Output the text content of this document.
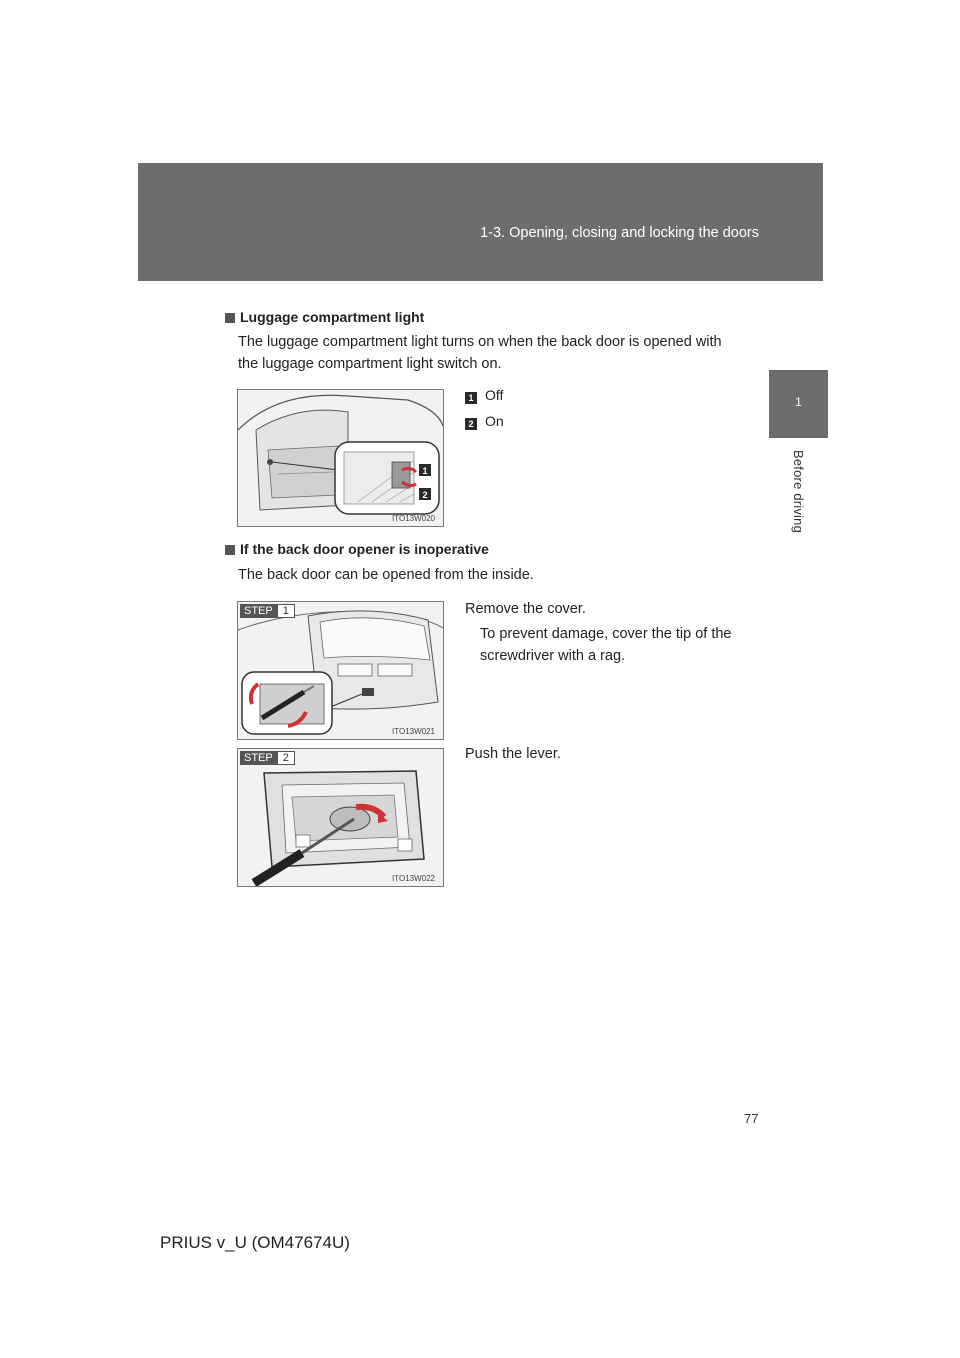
1-3. Opening, closing and locking the doors
1
Before driving
Luggage compartment light
The luggage compartment light turns on when the back door is opened with
the luggage compartment light switch on.
1
2
ITO13W020
1 Off
2 On
If the back door opener is inoperative
The back door can be opened from the inside.
STEP 1
ITO13W021
Remove the cover.
To prevent damage, cover the tip of the
screwdriver with a rag.
STEP 2
ITO13W022
Push the lever.
77
PRIUS v_U (OM47674U)
